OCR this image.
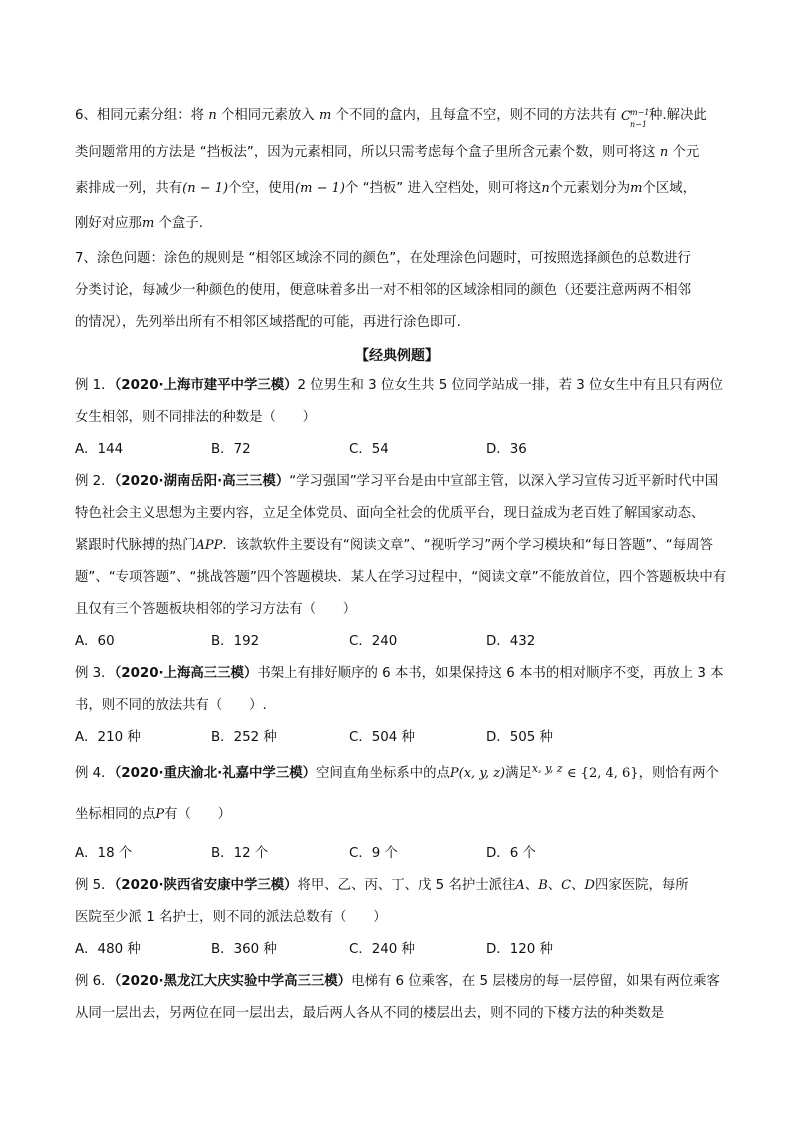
6、相同元素分组：将 n 个相同元素放入 m 个不同的盒内，且每盒不空，则不同的方法共有 C m−1
n−1
种.解决此
类问题常用的方法是 “挡板法”，因为元素相同，所以只需考虑每个盒子里所含元素个数，则可将这 n 个元
素排成一列，共有(n − 1)个空，使用(m − 1)个 “挡板” 进入空档处，则可将这n个元素划分为m个区域，
刚好对应那m 个盒子.
7、涂色问题：涂色的规则是 “相邻区域涂不同的颜色”，在处理涂色问题时，可按照选择颜色的总数进行
分类讨论，每减少一种颜色的使用，便意味着多出一对不相邻的区域涂相同的颜色（还要注意两两不相邻
的情况），先列举出所有不相邻区域搭配的可能，再进行涂色即可.
【经典例题】
例 1．（2020·上海市建平中学三模）2 位男生和 3 位女生共 5 位同学站成一排，若 3 位女生中有且只有两位
女生相邻，则不同排法的种数是（　　）
A．144	B．72	C．54	D．36
例 2．（2020·湖南岳阳·高三三模）“学习强国”学习平台是由中宣部主管，以深入学习宣传习近平新时代中国
特色社会主义思想为主要内容，立足全体党员、面向全社会的优质平台，现日益成为老百姓了解国家动态、
紧跟时代脉搏的热门APP．该款软件主要设有“阅读文章”、“视听学习”两个学习模块和“每日答题”、“每周答
题”、“专项答题”、“挑战答题”四个答题模块．某人在学习过程中，“阅读文章”不能放首位，四个答题板块中有
且仅有三个答题板块相邻的学习方法有（　　）
A．60	B．192	C．240	D．432
例 3．（2020·上海高三三模）书架上有排好顺序的 6 本书，如果保持这 6 本书的相对顺序不变，再放上 3 本
书，则不同的放法共有（　　）.
A．210 种	B．252 种	C．504 种	D．505 种
例 4．（2020·重庆渝北·礼嘉中学三模）空间直角坐标系中的点P(x, y, z)满足$^{x, y, z}$ ∈ {2, 4, 6}，则恰有两个
坐标相同的点P有（　　）
A．18 个	B．12 个	C．9 个	D．6 个
例 5．（2020·陕西省安康中学三模）将甲、乙、丙、丁、戊 5 名护士派往A、B、C、D四家医院，每所
医院至少派 1 名护士，则不同的派法总数有（　　）
A．480 种	B．360 种	C．240 种	D．120 种
例 6．（2020·黑龙江大庆实验中学高三三模）电梯有 6 位乘客，在 5 层楼房的每一层停留，如果有两位乘客
从同一层出去，另两位在同一层出去，最后两人各从不同的楼层出去，则不同的下楼方法的种类数是
